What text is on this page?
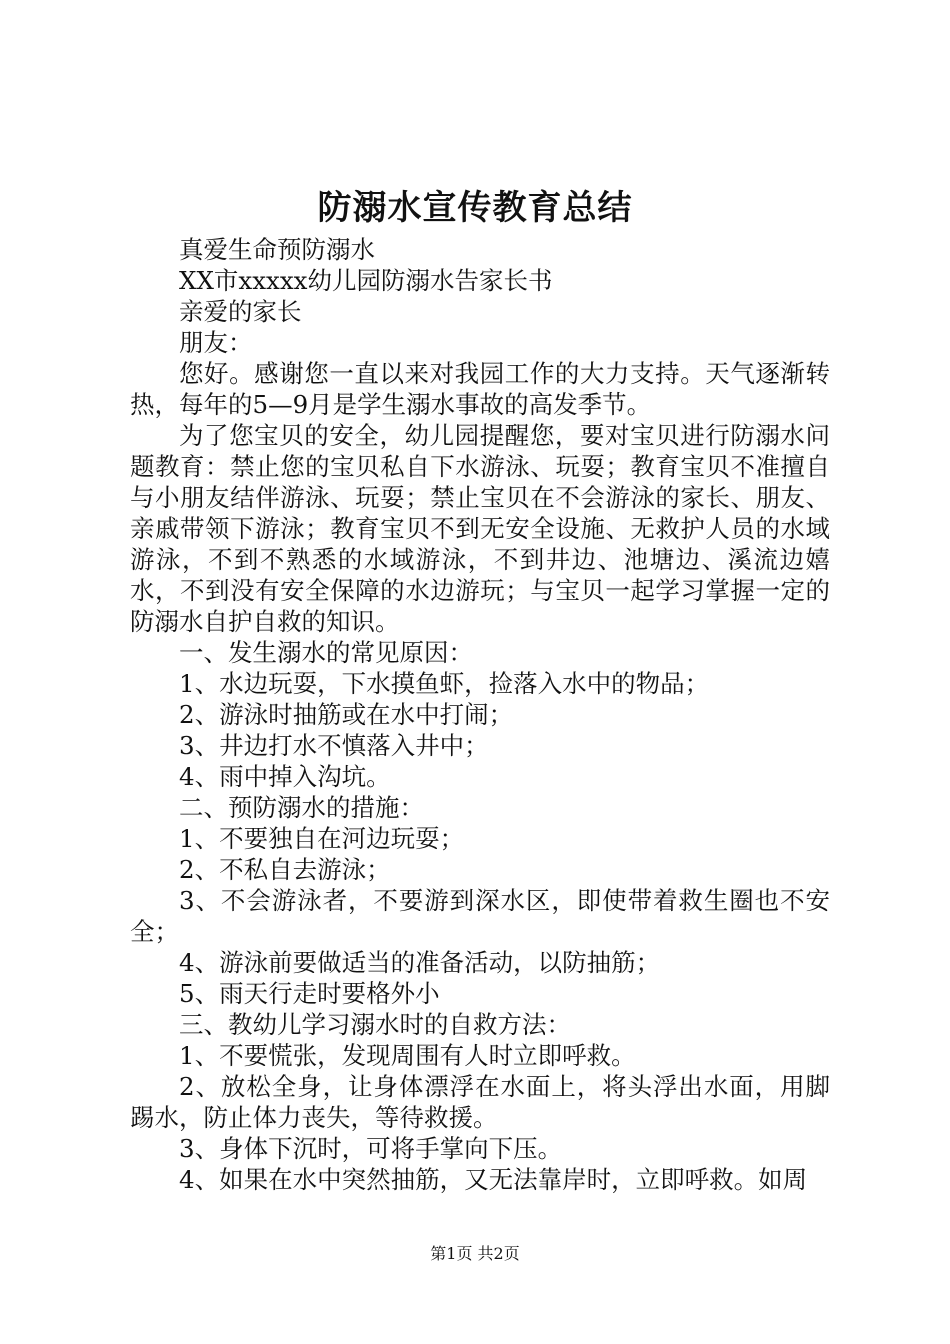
防溺水宣传教育总结

真爱生命预防溺水

XX市xxxxx幼儿园防溺水告家长书

亲爱的家长

朋友：

您好。感谢您一直以来对我园工作的大力支持。天气逐渐转热，每年的5—9月是学生溺水事故的高发季节。

为了您宝贝的安全，幼儿园提醒您，要对宝贝进行防溺水问题教育：禁止您的宝贝私自下水游泳、玩耍；教育宝贝不准擅自与小朋友结伴游泳、玩耍；禁止宝贝在不会游泳的家长、朋友、亲戚带领下游泳；教育宝贝不到无安全设施、无救护人员的水域游泳，不到不熟悉的水域游泳，不到井边、池塘边、溪流边嬉水，不到没有安全保障的水边游玩；与宝贝一起学习掌握一定的防溺水自护自救的知识。

一、发生溺水的常见原因：

1、水边玩耍，下水摸鱼虾，捡落入水中的物品；

2、游泳时抽筋或在水中打闹；

3、井边打水不慎落入井中；

4、雨中掉入沟坑。

二、预防溺水的措施：

1、不要独自在河边玩耍；

2、不私自去游泳；

3、不会游泳者，不要游到深水区，即使带着救生圈也不安全；

4、游泳前要做适当的准备活动，以防抽筋；

5、雨天行走时要格外小

三、教幼儿学习溺水时的自救方法：

1、不要慌张，发现周围有人时立即呼救。

2、放松全身，让身体漂浮在水面上，将头浮出水面，用脚踢水，防止体力丧失，等待救援。

3、身体下沉时，可将手掌向下压。

4、如果在水中突然抽筋，又无法靠岸时，立即呼救。如周

第1页 共2页
